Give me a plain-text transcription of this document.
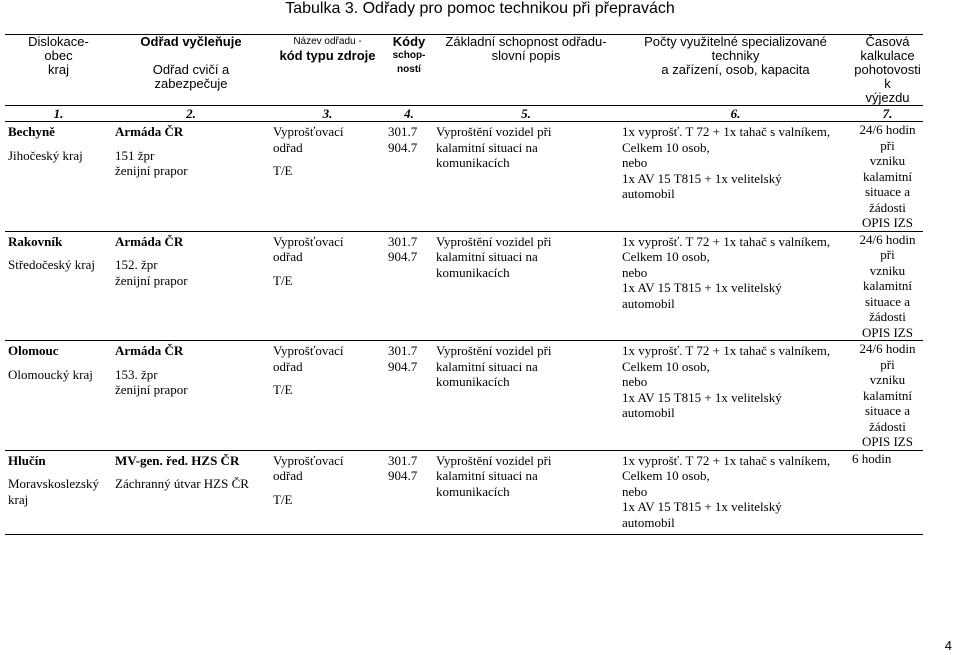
Tabulka 3. Odřady pro pomoc technikou při přepravách
Dislokace-
obec
kraj	Odřad vyčleňuje

Odřad cvičí a zabezpečuje	Název odřadu -
kód typu zdroje	Kódy
schop-
ností	Základní schopnost odřadu-
slovní popis	Počty využitelné specializované techniky
a zařízení, osob, kapacita	Časová kalkulace
pohotovosti k
výjezdu

1.	2.	3.	4.	5.	6.	7.

Bechyně
Jihočeský kraj	Armáda ČR
151 žpr
ženijní prapor	Vyprošťovací
odřad
T/E	301.7
904.7	Vyproštění vozidel při
kalamitní situaci na
komunikacích	1x vyprošť. T 72 + 1x tahač s valníkem,
Celkem 10 osob,
nebo
1x AV 15 T815 + 1x velitelský
automobil	24/6 hodin při
vzniku kalamitní
situace a žádosti
OPIS IZS

Rakovník
Středočeský kraj	Armáda ČR
152. žpr
ženijní prapor	Vyprošťovací
odřad
T/E	301.7
904.7	Vyproštění vozidel při
kalamitní situaci na
komunikacích	1x vyprošť. T 72 + 1x tahač s valníkem,
Celkem 10 osob,
nebo
1x AV 15 T815 + 1x velitelský
automobil	24/6 hodin při
vzniku kalamitní
situace a žádosti
OPIS IZS

Olomouc
Olomoucký kraj	Armáda ČR
153. žpr
ženijní prapor	Vyprošťovací
odřad
T/E	301.7
904.7	Vyproštění vozidel při
kalamitní situaci na
komunikacích	1x vyprošť. T 72 + 1x tahač s valníkem,
Celkem 10 osob,
nebo
1x AV 15 T815 + 1x velitelský
automobil	24/6 hodin při
vzniku kalamitní
situace a žádosti
OPIS IZS

Hlučín
Moravskoslezský
kraj	MV-gen. řed. HZS ČR
Záchranný útvar HZS ČR	Vyprošťovací
odřad
T/E	301.7
904.7	Vyproštění vozidel při
kalamitní situaci na
komunikacích	1x vyprošť. T 72 + 1x tahač s valníkem,
Celkem 10 osob,
nebo
1x AV 15 T815 + 1x velitelský
automobil	6 hodin
4
